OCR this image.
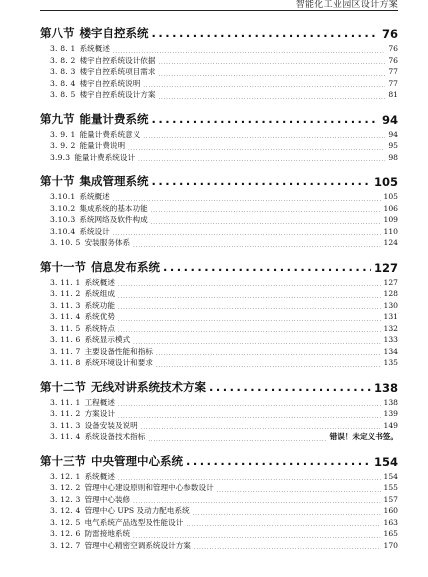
智能化工业园区设计方案
第八节 楼宇自控系统 .....	76
3. 8. 1 系统概述 .....	76
3. 8. 2 楼宇自控系统设计依据 .....	76
3. 8. 3 楼宇自控系统项目需求 .....	77
3. 8. 4 楼宇自控系统说明 .....	77
3. 8. 5 楼宇自控系统设计方案 .....	81
第九节 能量计费系统 .....	94
3. 9. 1 能量计费系统意义 .....	94
3. 9. 2 能量计费说明 .....	95
3.9.3 能量计费系统设计 .....	98
第十节 集成管理系统 .....	105
3.10.1 系统概述 .....	105
3.10.2 集成系统的基本功能 .....	106
3.10.3 系统网络及软件构成 .....	109
3.10.4 系统设计 .....	110
3. 10. 5 安装服务体系 .....	124
第十一节 信息发布系统 .....	127
3. 11. 1 系统概述 .....	127
3. 11. 2 系统组成 .....	128
3. 11. 3 系统功能 .....	130
3. 11. 4 系统优势 .....	131
3. 11. 5 系统特点 .....	132
3. 11. 6 系统显示模式 .....	133
3. 11. 7 主要设备性能和指标 .....	134
3. 11. 8 系统环境设计和要求 .....	135
第十二节 无线对讲系统技术方案 .....	138
3. 11. 1 工程概述 .....	138
3. 11. 2 方案设计 .....	139
3. 11. 3 设备安装及说明 .....	149
3. 11. 4 系统设备技术指标 .....	错误！未定义书签。
第十三节 中央管理中心系统 .....	154
3. 12. 1 系统概述 .....	154
3. 12. 2 管理中心建设原则和管理中心参数设计 .....	155
3. 12. 3 管理中心装修 .....	157
3. 12. 4 管理中心 UPS 及动力配电系统 .....	160
3. 12. 5 电气系统产品选型及性能设计 .....	163
3. 12. 6 防雷接地系统 .....	165
3. 12. 7 管理中心精密空调系统设计方案 .....	170
